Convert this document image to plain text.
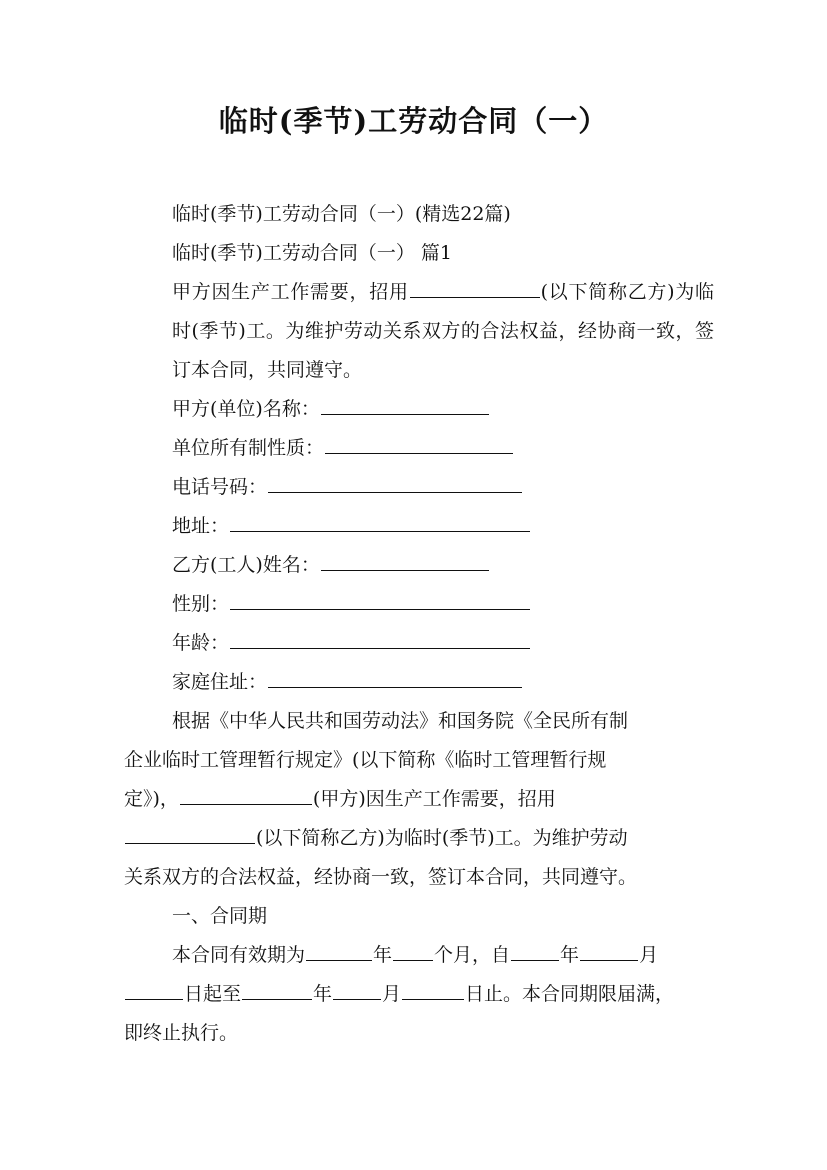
临时(季节)工劳动合同（一）

临时(季节)工劳动合同（一）(精选22篇)

临时(季节)工劳动合同（一） 篇1

甲方因生产工作需要，招用	(以下简称乙方)为临时(季节)工。为维护劳动关系双方的合法权益，经协商一致，签订本合同，共同遵守。

甲方(单位)名称：

单位所有制性质：

电话号码：

地址：

乙方(工人)姓名：

性别：

年龄：

家庭住址：

根据《中华人民共和国劳动法》和国务院《全民所有制

企业临时工管理暂行规定》(以下简称《临时工管理暂行规

定》)，	(甲方)因生产工作需要，招用

(以下简称乙方)为临时(季节)工。为维护劳动

关系双方的合法权益，经协商一致，签订本合同，共同遵守。

一、合同期

本合同有效期为	年 个月，自	年	月

日起至	年	月	日止。本合同期限届满，

即终止执行。
